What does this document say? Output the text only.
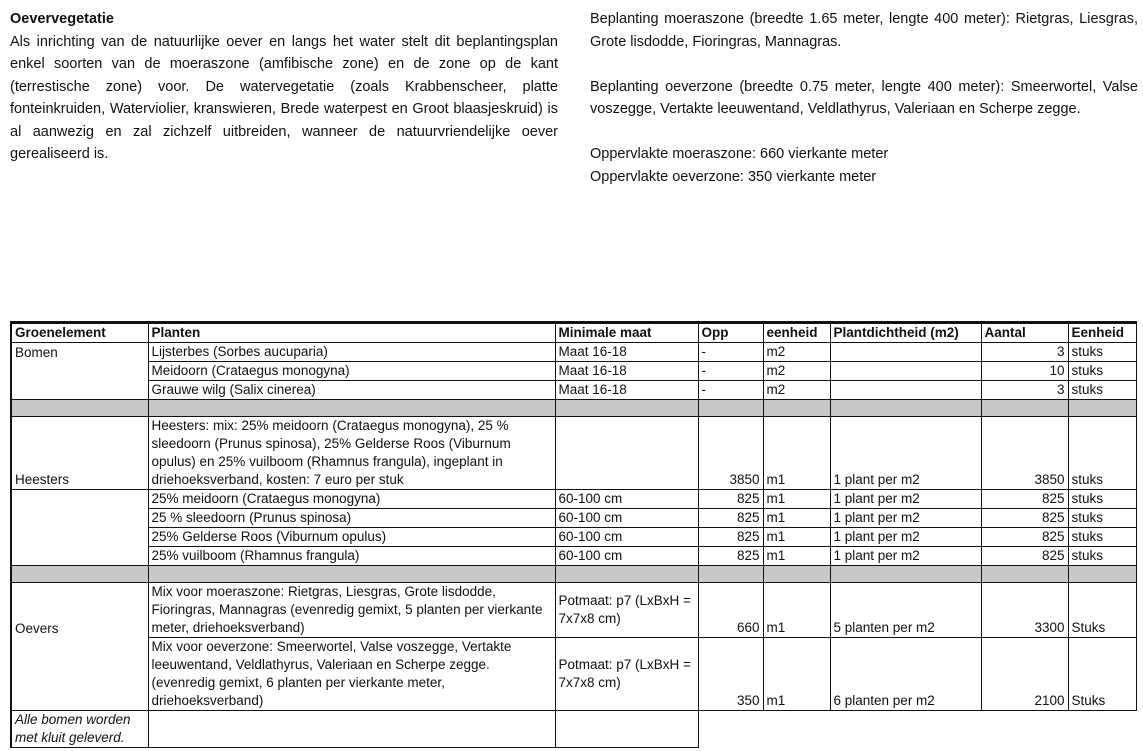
Oevervegetatie
Als inrichting van de natuurlijke oever en langs het water stelt dit beplantingsplan enkel soorten van de moeraszone (amfibische zone) en de zone op de kant (terrestische zone) voor. De watervegetatie (zoals Krabbenscheer, platte fonteinkruiden, Waterviolier, kranswieren, Brede waterpest en Groot blaasjeskruid) is al aanwezig en zal zichzelf uitbreiden, wanneer de natuurvriendelijke oever gerealiseerd is.

Beplanting moeraszone (breedte 1.65 meter, lengte 400 meter): Rietgras, Liesgras, Grote lisdodde, Fioringras, Mannagras.

Beplanting oeverzone (breedte 0.75 meter, lengte 400 meter): Smeerwortel, Valse voszegge, Vertakte leeuwentand, Veldlathyrus, Valeriaan en Scherpe zegge.

Oppervlakte moeraszone: 660 vierkante meter

Oppervlakte oeverzone: 350 vierkante meter

Groenelement	Planten	Minimale maat	Opp	eenheid	Plantdichtheid (m2)	Aantal	Eenheid
Bomen	Lijsterbes (Sorbes aucuparia)	Maat 16-18	-	m2		3	stuks
	Meidoorn (Crataegus monogyna)	Maat 16-18	-	m2		10	stuks
	Grauwe wilg (Salix cinerea)	Maat 16-18	-	m2		3	stuks

Heesters	Heesters: mix: 25% meidoorn (Crataegus monogyna), 25 % sleedoorn (Prunus spinosa), 25% Gelderse Roos (Viburnum opulus) en 25% vuilboom (Rhamnus frangula), ingeplant in driehoeksverband, kosten: 7 euro per stuk		3850	m1	1 plant per m2	3850	stuks
	25% meidoorn (Crataegus monogyna)	60-100 cm	825	m1	1 plant per m2	825	stuks
	25 % sleedoorn (Prunus spinosa)	60-100 cm	825	m1	1 plant per m2	825	stuks
	25% Gelderse Roos (Viburnum opulus)	60-100 cm	825	m1	1 plant per m2	825	stuks
	25% vuilboom (Rhamnus frangula)	60-100 cm	825	m1	1 plant per m2	825	stuks

Oevers	Mix voor moeraszone: Rietgras, Liesgras, Grote lisdodde, Fioringras, Mannagras (evenredig gemixt, 5 planten per vierkante meter, driehoeksverband)	Potmaat: p7 (LxBxH = 7x7x8 cm)	660	m1	5 planten per m2	3300	Stuks
	Mix voor oeverzone: Smeerwortel, Valse voszegge, Vertakte leeuwentand, Veldlathyrus, Valeriaan en Scherpe zegge. (evenredig gemixt, 6 planten per vierkante meter, driehoeksverband)	Potmaat: p7 (LxBxH = 7x7x8 cm)	350	m1	6 planten per m2	2100	Stuks
Alle bomen worden met kluit geleverd.							
